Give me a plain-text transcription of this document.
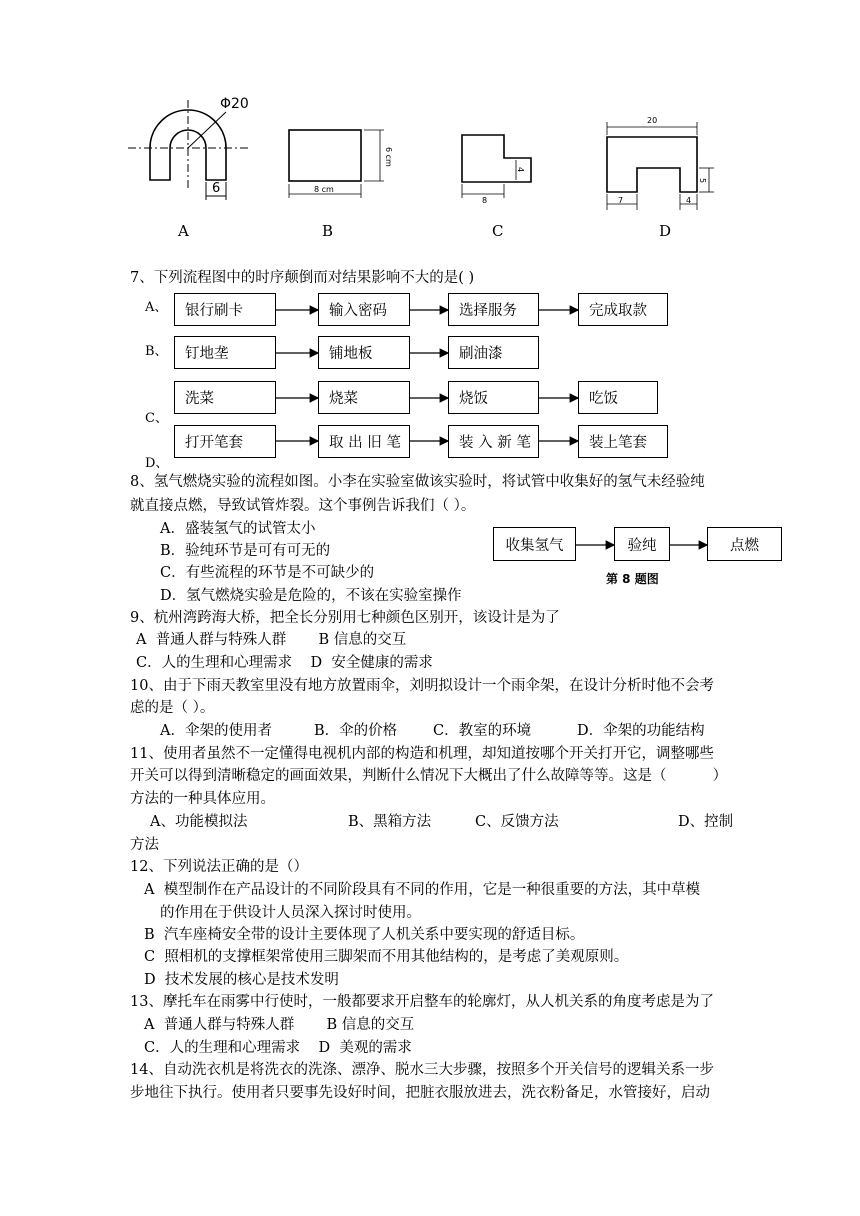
Φ20
6	8 cm
6 cm
8
4
20
7	4
5
A	B	C	D
7、下列流程图中的时序颠倒而对结果影响不大的是( )
A、
B、
C、
D、
银行刷卡	输入密码	选择服务	完成取款
钉地垄	铺地板	刷油漆
洗菜	烧菜	烧饭	吃饭
打开笔套	取 出 旧 笔	装 入 新 笔	装上笔套
8、氢气燃烧实验的流程如图。小李在实验室做该实验时，将试管中收集好的氢气未经验纯
就直接点燃，导致试管炸裂。这个事例告诉我们（ ）。
A．盛装氢气的试管太小
B．验纯环节是可有可无的
C．有些流程的环节是不可缺少的
D．氢气燃烧实验是危险的，不该在实验室操作
收集氢气	验纯	点燃
第 8 题图
9、杭州湾跨海大桥，把全长分别用七种颜色区别开，该设计是为了
A  普通人群与特殊人群       B 信息的交互
C．人的生理和心理需求    D  安全健康的需求
10、由于下雨天教室里没有地方放置雨伞，刘明拟设计一个雨伞架，在设计分析时他不会考
虑的是（ ）。
A．伞架的使用者	B．伞的价格 C．教室的环境	D．伞架的功能结构
11、使用者虽然不一定懂得电视机内部的构造和机理，却知道按哪个开关打开它，调整哪些
开关可以得到清晰稳定的画面效果，判断什么情况下大概出了什么故障等等。这是（          ）
方法的一种具体应用。
A、功能模拟法	B、黑箱方法	C、反馈方法	D、控制
方法
12、下列说法正确的是（）
A  模型制作在产品设计的不同阶段具有不同的作用，它是一种很重要的方法，其中草模
的作用在于供设计人员深入探讨时使用。
B  汽车座椅安全带的设计主要体现了人机关系中要实现的舒适目标。
C  照相机的支撑框架常使用三脚架而不用其他结构的，是考虑了美观原则。
D  技术发展的核心是技术发明
13、摩托车在雨雾中行使时，一般都要求开启整车的轮廓灯，从人机关系的角度考虑是为了
A  普通人群与特殊人群       B 信息的交互
C．人的生理和心理需求    D  美观的需求
14、自动洗衣机是将洗衣的洗涤、漂净、脱水三大步骤，按照多个开关信号的逻辑关系一步
步地往下执行。使用者只要事先设好时间，把脏衣服放进去，洗衣粉备足，水管接好，启动
